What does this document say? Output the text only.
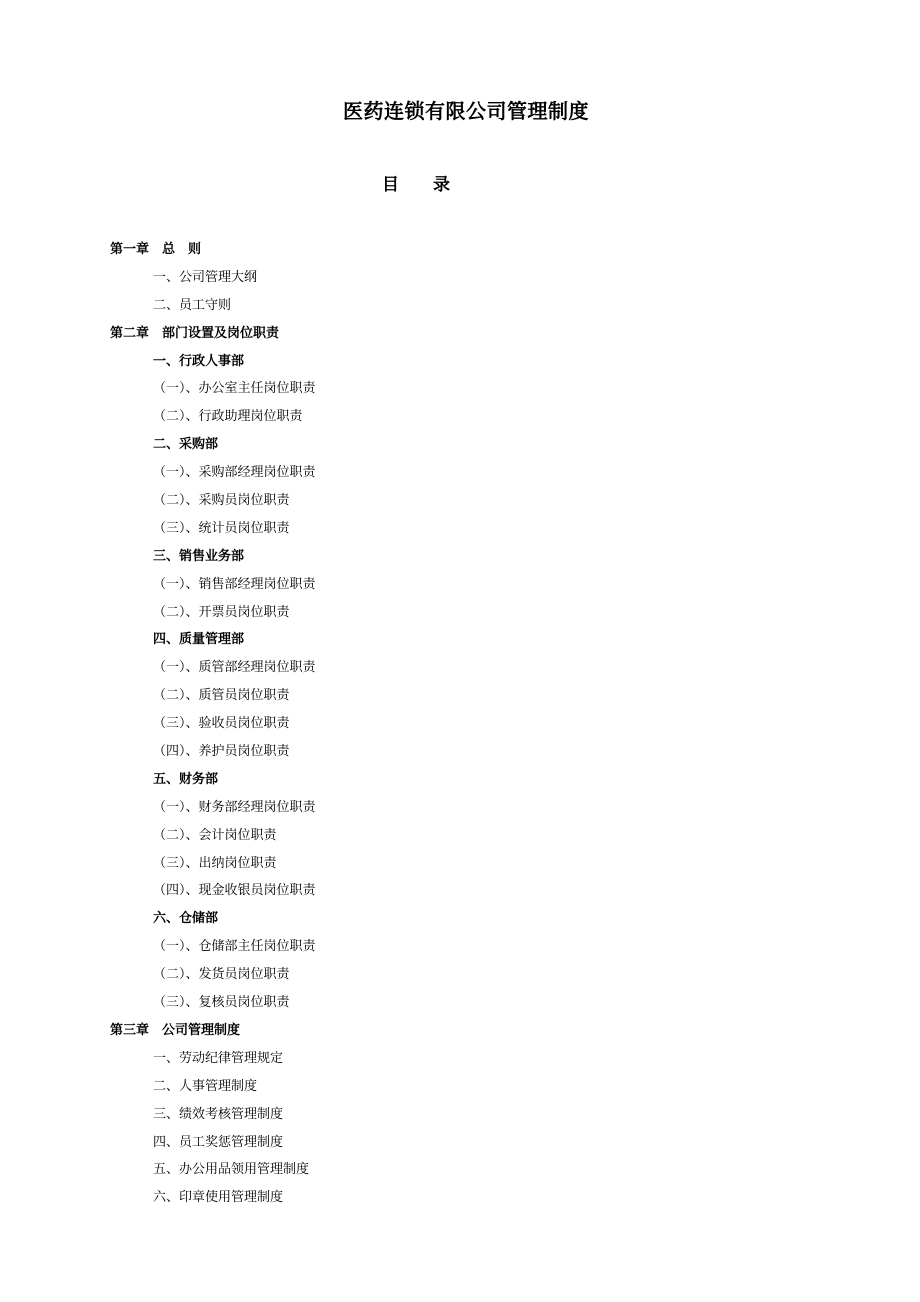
医药连锁有限公司管理制度
目　　录
第一章　总　则
一、公司管理大纲
二、员工守则
第二章　部门设置及岗位职责
一、行政人事部
（一）、办公室主任岗位职责
（二）、行政助理岗位职责
二、采购部
（一）、采购部经理岗位职责
（二）、采购员岗位职责
（三）、统计员岗位职责
三、销售业务部
（一）、销售部经理岗位职责
（二）、开票员岗位职责
四、质量管理部
（一）、质管部经理岗位职责
（二）、质管员岗位职责
（三）、验收员岗位职责
（四）、养护员岗位职责
五、财务部
（一）、财务部经理岗位职责
（二）、会计岗位职责
（三）、出纳岗位职责
（四）、现金收银员岗位职责
六、仓储部
（一）、仓储部主任岗位职责
（二）、发货员岗位职责
（三）、复核员岗位职责
第三章　公司管理制度
一、劳动纪律管理规定
二、人事管理制度
三、绩效考核管理制度
四、员工奖惩管理制度
五、办公用品领用管理制度
六、印章使用管理制度
